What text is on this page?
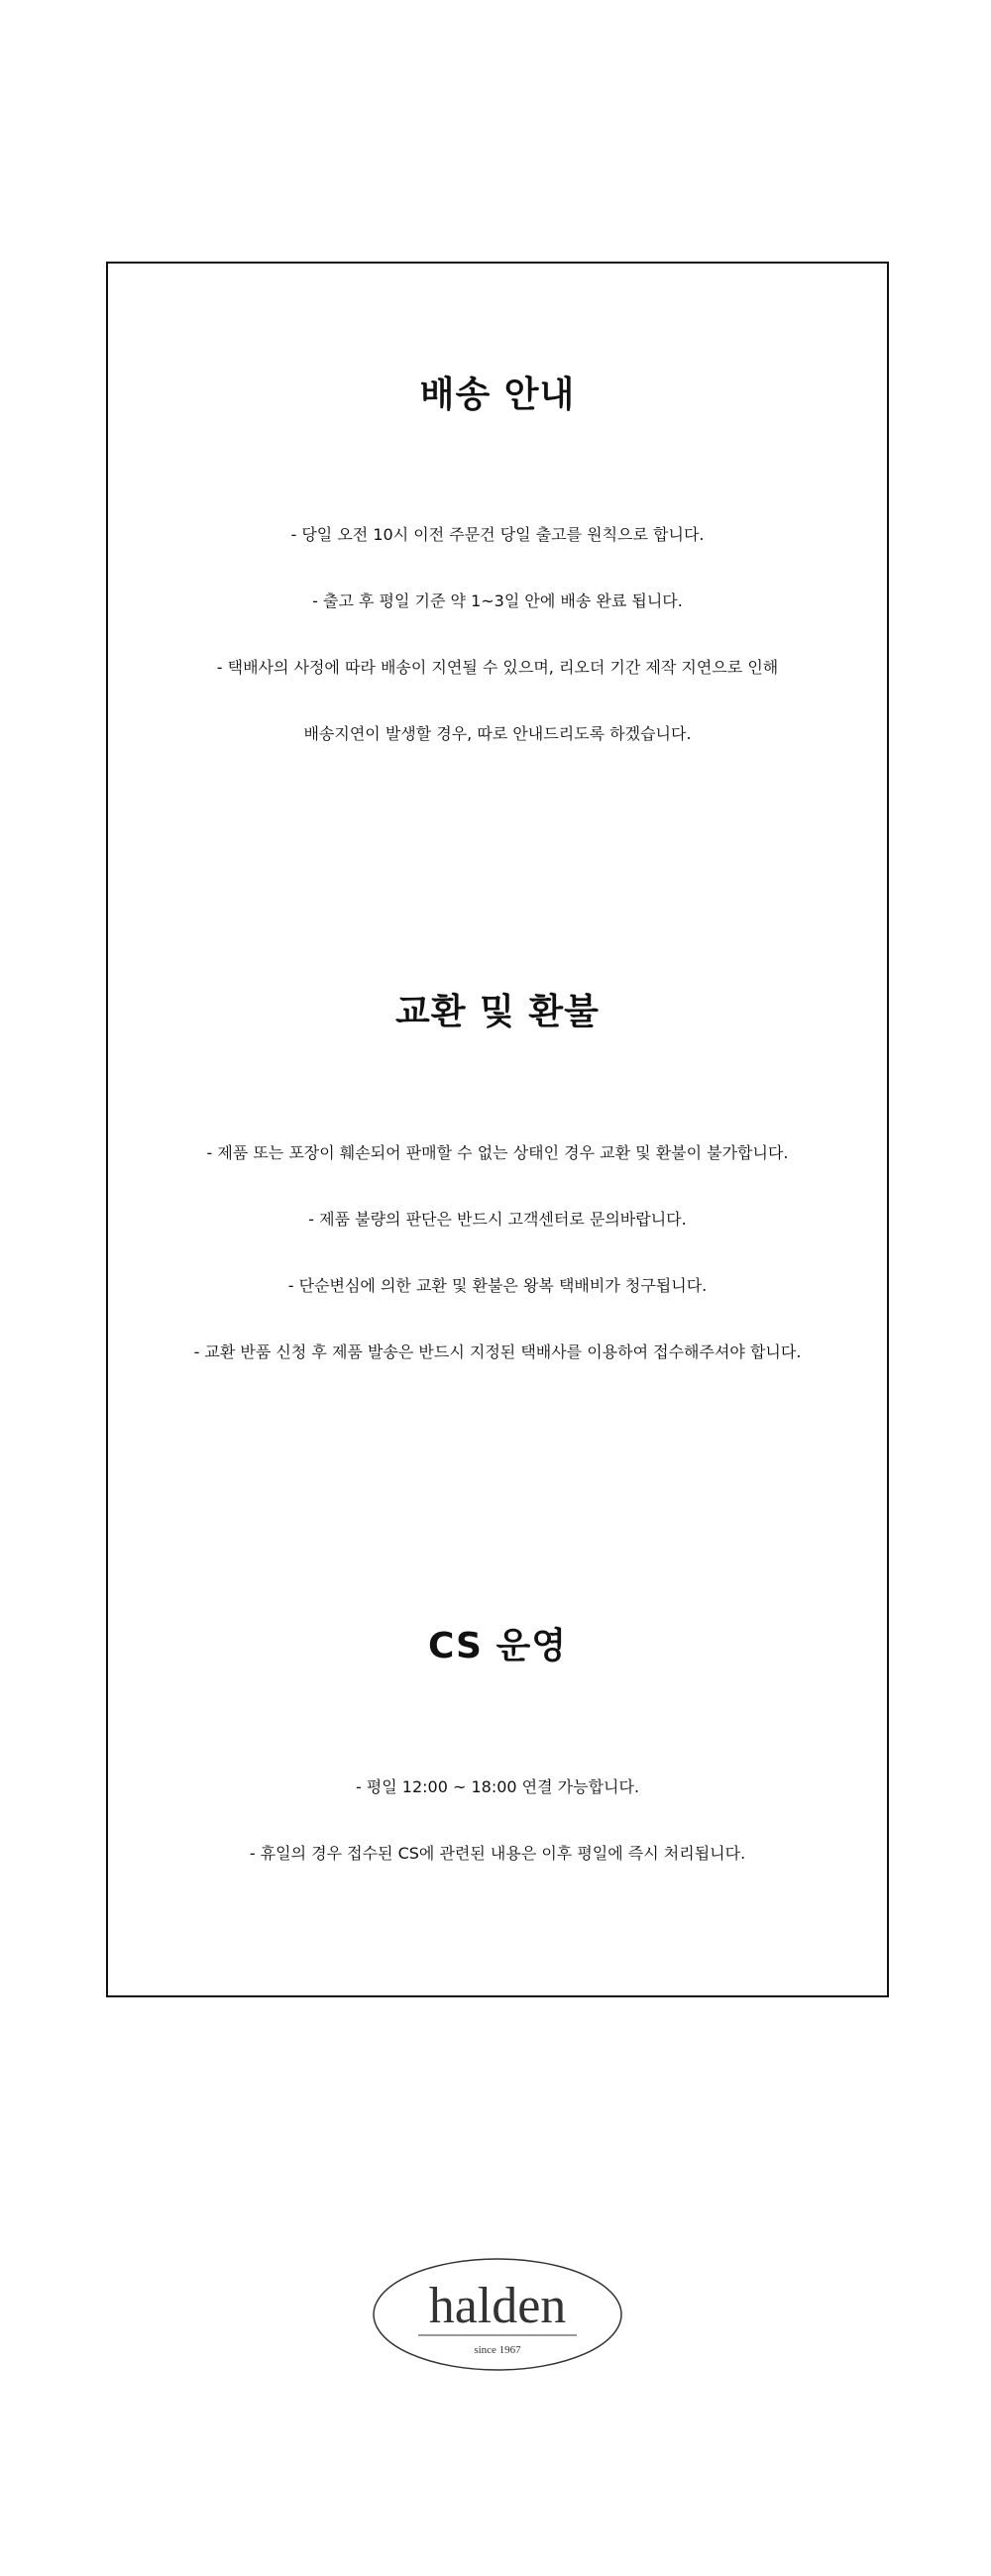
배송 안내

- 당일 오전 10시 이전 주문건 당일 출고를 원칙으로 합니다.

- 출고 후 평일 기준 약 1~3일 안에 배송 완료 됩니다.

- 택배사의 사정에 따라 배송이 지연될 수 있으며, 리오더 기간 제작 지연으로 인해

배송지연이 발생할 경우, 따로 안내드리도록 하겠습니다.

교환 및 환불

- 제품 또는 포장이 훼손되어 판매할 수 없는 상태인 경우 교환 및 환불이 불가합니다.

- 제품 불량의 판단은 반드시 고객센터로 문의바랍니다.

- 단순변심에 의한 교환 및 환불은 왕복 택배비가 청구됩니다.

- 교환 반품 신청 후 제품 발송은 반드시 지정된 택배사를 이용하여 접수해주셔야 합니다.

CS 운영

- 평일 12:00 ~ 18:00 연결 가능합니다.

- 휴일의 경우 접수된 CS에 관련된 내용은 이후 평일에 즉시 처리됩니다.

halden
since 1967
